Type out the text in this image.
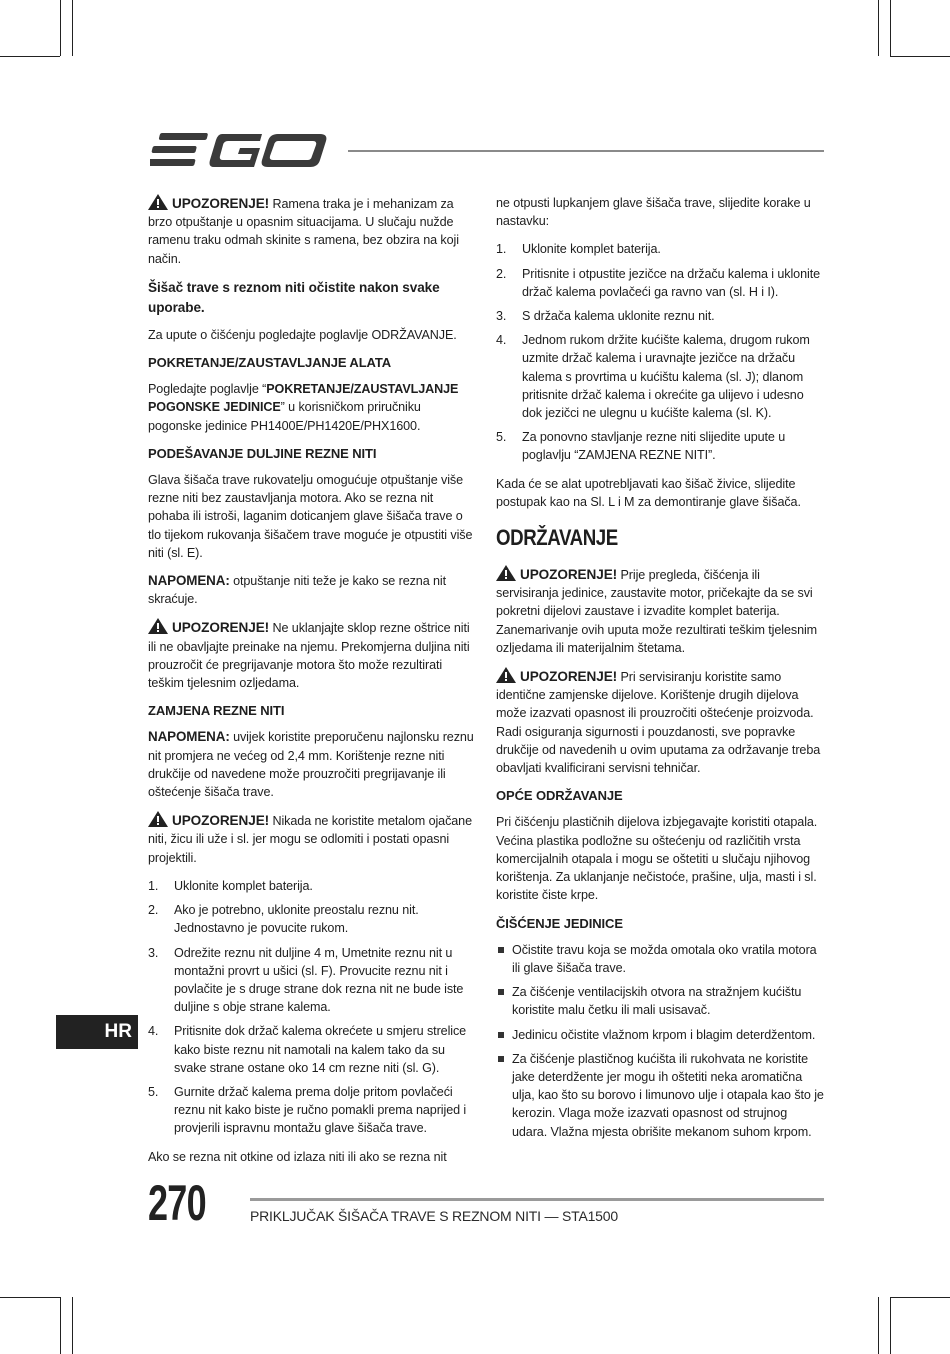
UPOZORENJE! Ramena traka je i mehanizam za brzo otpuštanje u opasnim situacijama. U slučaju nužde ramenu traku odmah skinite s ramena, bez obzira na koji način.

Šišač trave s reznom niti očistite nakon svake uporabe.

Za upute o čišćenju pogledajte poglavlje ODRŽAVANJE.

POKRETANJE/ZAUSTAVLJANJE ALATA

Pogledajte poglavlje “POKRETANJE/ZAUSTAVLJANJE POGONSKE JEDINICE” u korisničkom priručniku pogonske jedinice PH1400E/PH1420E/PHX1600.

PODEŠAVANJE DULJINE REZNE NITI

Glava šišača trave rukovatelju omogućuje otpuštanje više rezne niti bez zaustavljanja motora. Ako se rezna nit pohaba ili istroši, laganim doticanjem glave šišača trave o tlo tijekom rukovanja šišačem trave moguće je otpustiti više niti (sl. E).

NAPOMENA: otpuštanje niti teže je kako se rezna nit skraćuje.

UPOZORENJE! Ne uklanjajte sklop rezne oštrice niti ili ne obavljajte preinake na njemu. Prekomjerna duljina niti prouzročit će pregrijavanje motora što može rezultirati teškim tjelesnim ozljedama.

ZAMJENA REZNE NITI

NAPOMENA: uvijek koristite preporučenu najlonsku reznu nit promjera ne većeg od 2,4 mm. Korištenje rezne niti drukčije od navedene može prouzročiti pregrijavanje ili oštećenje šišača trave.

UPOZORENJE! Nikada ne koristite metalom ojačane niti, žicu ili uže i sl. jer mogu se odlomiti i postati opasni projektili.

1. Uklonite komplet baterija.
2. Ako je potrebno, uklonite preostalu reznu nit. Jednostavno je povucite rukom.
3. Odrežite reznu nit duljine 4 m, Umetnite reznu nit u montažni provrt u ušici (sl. F). Provucite reznu nit i povlačite je s druge strane dok rezna nit ne bude iste duljine s obje strane kalema.
4. Pritisnite dok držač kalema okrećete u smjeru strelice kako biste reznu nit namotali na kalem tako da su svake strane ostane oko 14 cm rezne niti (sl. G).
5. Gurnite držač kalema prema dolje pritom povlačeći reznu nit kako biste je ručno pomakli prema naprijed i provjerili ispravnu montažu glave šišača trave.

Ako se rezna nit otkine od izlaza niti ili ako se rezna nit

ne otpusti lupkanjem glave šišača trave, slijedite korake u nastavku:

1. Uklonite komplet baterija.
2. Pritisnite i otpustite jezičce na držaču kalema i uklonite držač kalema povlačeći ga ravno van (sl. H i I).
3. S držača kalema uklonite reznu nit.
4. Jednom rukom držite kućište kalema, drugom rukom uzmite držač kalema i uravnajte jezičce na držaču kalema s provrtima u kućištu kalema (sl. J); dlanom pritisnite držač kalema i okrećite ga ulijevo i udesno dok jezičci ne ulegnu u kućište kalema (sl. K).
5. Za ponovno stavljanje rezne niti slijedite upute u poglavlju “ZAMJENA REZNE NITI”.

Kada će se alat upotrebljavati kao šišač živice, slijedite postupak kao na Sl. L i M za demontiranje glave šišača.

ODRŽAVANJE

UPOZORENJE! Prije pregleda, čišćenja ili servisiranja jedinice, zaustavite motor, pričekajte da se svi pokretni dijelovi zaustave i izvadite komplet baterija. Zanemarivanje ovih uputa može rezultirati teškim tjelesnim ozljedama ili materijalnim štetama.

UPOZORENJE! Pri servisiranju koristite samo identične zamjenske dijelove. Korištenje drugih dijelova može izazvati opasnost ili prouzročiti oštećenje proizvoda. Radi osiguranja sigurnosti i pouzdanosti, sve popravke drukčije od navedenih u ovim uputama za održavanje treba obavljati kvalificirani servisni tehničar.

OPĆE ODRŽAVANJE

Pri čišćenju plastičnih dijelova izbjegavajte koristiti otapala. Većina plastika podložne su oštećenju od različitih vrsta komercijalnih otapala i mogu se oštetiti u slučaju njihovog korištenja. Za uklanjanje nečistoće, prašine, ulja, masti i sl. koristite čiste krpe.

ČIŠĆENJE JEDINICE
Očistite travu koja se možda omotala oko vratila motora ili glave šišača trave.
Za čišćenje ventilacijskih otvora na stražnjem kućištu koristite malu četku ili mali usisavač.
Jedinicu očistite vlažnom krpom i blagim deterdžentom.
Za čišćenje plastičnog kućišta ili rukohvata ne koristite jake deterdžente jer mogu ih oštetiti neka aromatična ulja, kao što su borovo i limunovo ulje i otapala kao što je kerozin. Vlaga može izazvati opasnost od strujnog udara. Vlažna mjesta obrišite mekanom suhom krpom.
HR
270	PRIKLJUČAK ŠIŠAČA TRAVE S REZNOM NITI — STA1500
